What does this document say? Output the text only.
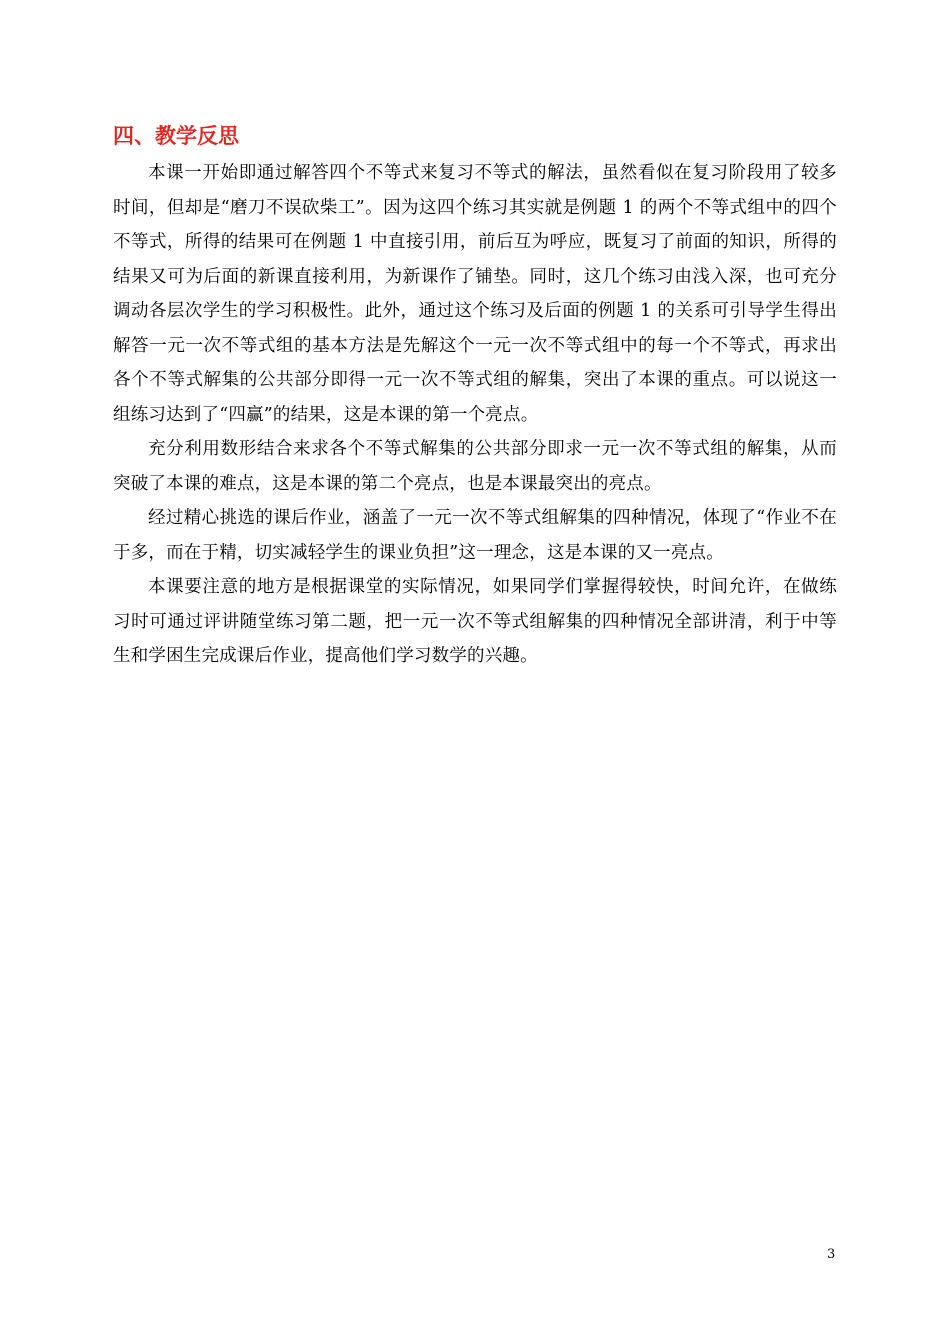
四、教学反思

本课一开始即通过解答四个不等式来复习不等式的解法，虽然看似在复习阶段用了较多时间，但却是“磨刀不误砍柴工”。因为这四个练习其实就是例题 1 的两个不等式组中的四个不等式，所得的结果可在例题 1 中直接引用，前后互为呼应，既复习了前面的知识，所得的结果又可为后面的新课直接利用，为新课作了铺垫。同时，这几个练习由浅入深，也可充分调动各层次学生的学习积极性。此外，通过这个练习及后面的例题 1 的关系可引导学生得出解答一元一次不等式组的基本方法是先解这个一元一次不等式组中的每一个不等式，再求出各个不等式解集的公共部分即得一元一次不等式组的解集，突出了本课的重点。可以说这一组练习达到了“四赢”的结果，这是本课的第一个亮点。

充分利用数形结合来求各个不等式解集的公共部分即求一元一次不等式组的解集，从而突破了本课的难点，这是本课的第二个亮点，也是本课最突出的亮点。

经过精心挑选的课后作业，涵盖了一元一次不等式组解集的四种情况，体现了“作业不在于多，而在于精，切实减轻学生的课业负担”这一理念，这是本课的又一亮点。

本课要注意的地方是根据课堂的实际情况，如果同学们掌握得较快，时间允许，在做练习时可通过评讲随堂练习第二题，把一元一次不等式组解集的四种情况全部讲清，利于中等生和学困生完成课后作业，提高他们学习数学的兴趣。

3
